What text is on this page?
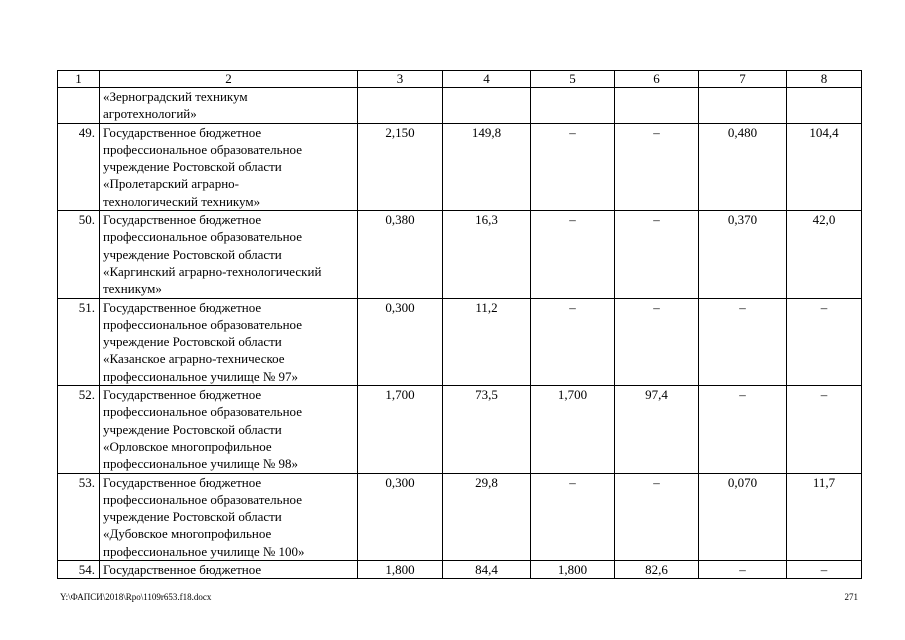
1	2	3	4	5	6	7	8

	«Зерноградский техникум
агротехнологий»						

49.	Государственное бюджетное
профессиональное образовательное
учреждение Ростовской области
«Пролетарский аграрно-
технологический техникум»	2,150	149,8	–	–	0,480	104,4
50.	Государственное бюджетное
профессиональное образовательное
учреждение Ростовской области
«Каргинский аграрно-технологический
техникум»	0,380	16,3	–	–	0,370	42,0
51.	Государственное бюджетное
профессиональное образовательное
учреждение Ростовской области
«Казанское аграрно-техническое
профессиональное училище № 97»	0,300	11,2	–	–	–	–
52.	Государственное бюджетное
профессиональное образовательное
учреждение Ростовской области
«Орловское многопрофильное
профессиональное училище № 98»	1,700	73,5	1,700	97,4	–	–
53.	Государственное бюджетное
профессиональное образовательное
учреждение Ростовской области
«Дубовское многопрофильное
профессиональное училище № 100»	0,300	29,8	–	–	0,070	11,7
54.	Государственное бюджетное	1,800	84,4	1,800	82,6	–	–
Y:\ФАПСИ\2018\Rpo\1109r653.f18.docx	271
